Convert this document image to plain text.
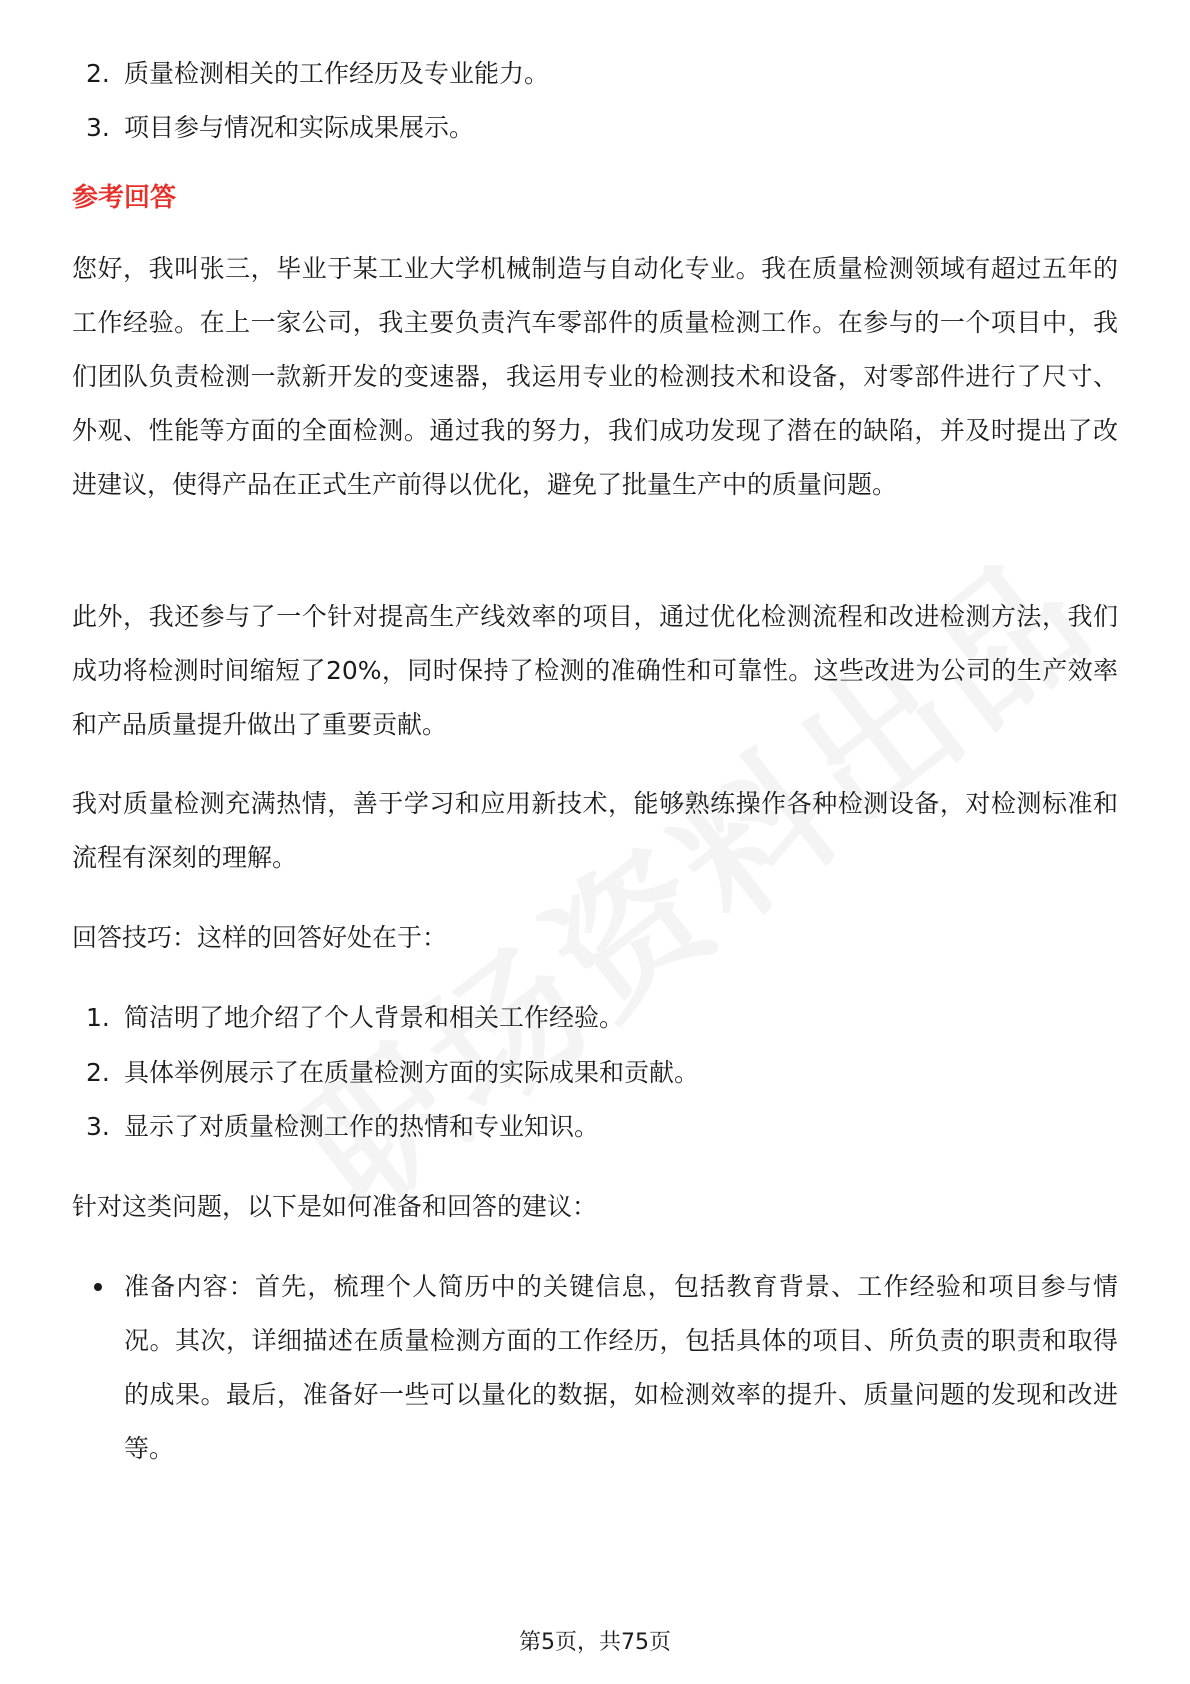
2. 质量检测相关的工作经历及专业能力。
3. 项目参与情况和实际成果展示。
参考回答
您好，我叫张三，毕业于某工业大学机械制造与自动化专业。我在质量检测领域有超过五年的工作经验。在上一家公司，我主要负责汽车零部件的质量检测工作。在参与的一个项目中，我们团队负责检测一款新开发的变速器，我运用专业的检测技术和设备，对零部件进行了尺寸、外观、性能等方面的全面检测。通过我的努力，我们成功发现了潜在的缺陷，并及时提出了改进建议，使得产品在正式生产前得以优化，避免了批量生产中的质量问题。
此外，我还参与了一个针对提高生产线效率的项目，通过优化检测流程和改进检测方法，我们成功将检测时间缩短了20%，同时保持了检测的准确性和可靠性。这些改进为公司的生产效率和产品质量提升做出了重要贡献。
我对质量检测充满热情，善于学习和应用新技术，能够熟练操作各种检测设备，对检测标准和流程有深刻的理解。
回答技巧：这样的回答好处在于：
1. 简洁明了地介绍了个人背景和相关工作经验。
2. 具体举例展示了在质量检测方面的实际成果和贡献。
3. 显示了对质量检测工作的热情和专业知识。
针对这类问题，以下是如何准备和回答的建议：
准备内容：首先，梳理个人简历中的关键信息，包括教育背景、工作经验和项目参与情况。其次，详细描述在质量检测方面的工作经历，包括具体的项目、所负责的职责和取得的成果。最后，准备好一些可以量化的数据，如检测效率的提升、质量问题的发现和改进等。
第5页，共75页
